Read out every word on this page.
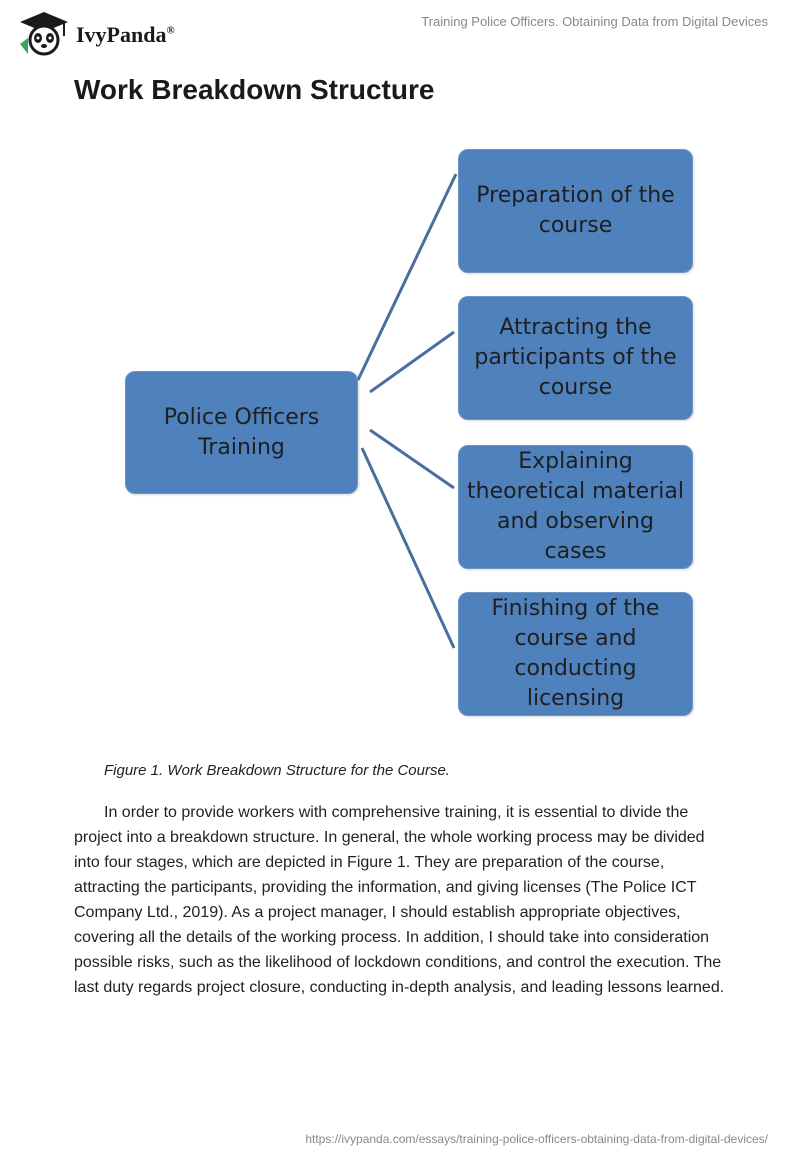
IvyPanda®
Training Police Officers. Obtaining Data from Digital Devices
Work Breakdown Structure
Police Officers Training
Preparation of the course
Attracting the participants of the course
Explaining theoretical material and observing cases
Finishing of the course and conducting licensing
Figure 1. Work Breakdown Structure for the Course.

In order to provide workers with comprehensive training, it is essential to divide the project into a breakdown structure. In general, the whole working process may be divided into four stages, which are depicted in Figure 1. They are preparation of the course, attracting the participants, providing the information, and giving licenses (The Police ICT Company Ltd., 2019). As a project manager, I should establish appropriate objectives, covering all the details of the working process. In addition, I should take into consideration possible risks, such as the likelihood of lockdown conditions, and control the execution. The last duty regards project closure, conducting in-depth analysis, and leading lessons learned.

https://ivypanda.com/essays/training-police-officers-obtaining-data-from-digital-devices/
